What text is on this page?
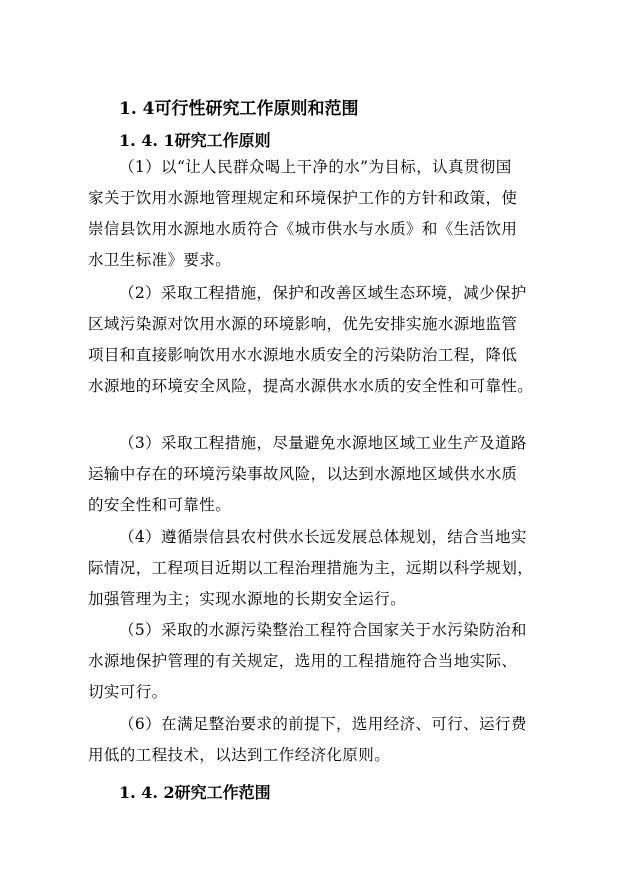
1. 4可行性研究工作原则和范围
1. 4. 1研究工作原则
（1）以“让人民群众喝上干净的水”为目标，认真贯彻国
家关于饮用水源地管理规定和环境保护工作的方针和政策，使
崇信县饮用水源地水质符合《城市供水与水质》和《生活饮用
水卫生标准》要求。
（2）采取工程措施，保护和改善区域生态环境，减少保护
区域污染源对饮用水源的环境影响，优先安排实施水源地监管
项目和直接影响饮用水水源地水质安全的污染防治工程，降低
水源地的环境安全风险，提高水源供水水质的安全性和可靠性。
（3）采取工程措施，尽量避免水源地区域工业生产及道路
运输中存在的环境污染事故风险，以达到水源地区域供水水质
的安全性和可靠性。
（4）遵循崇信县农村供水长远发展总体规划，结合当地实
际情况，工程项目近期以工程治理措施为主，远期以科学规划，
加强管理为主；实现水源地的长期安全运行。
（5）采取的水源污染整治工程符合国家关于水污染防治和
水源地保护管理的有关规定，选用的工程措施符合当地实际、
切实可行。
（6）在满足整治要求的前提下，选用经济、可行、运行费
用低的工程技术，以达到工作经济化原则。
1. 4. 2研究工作范围
